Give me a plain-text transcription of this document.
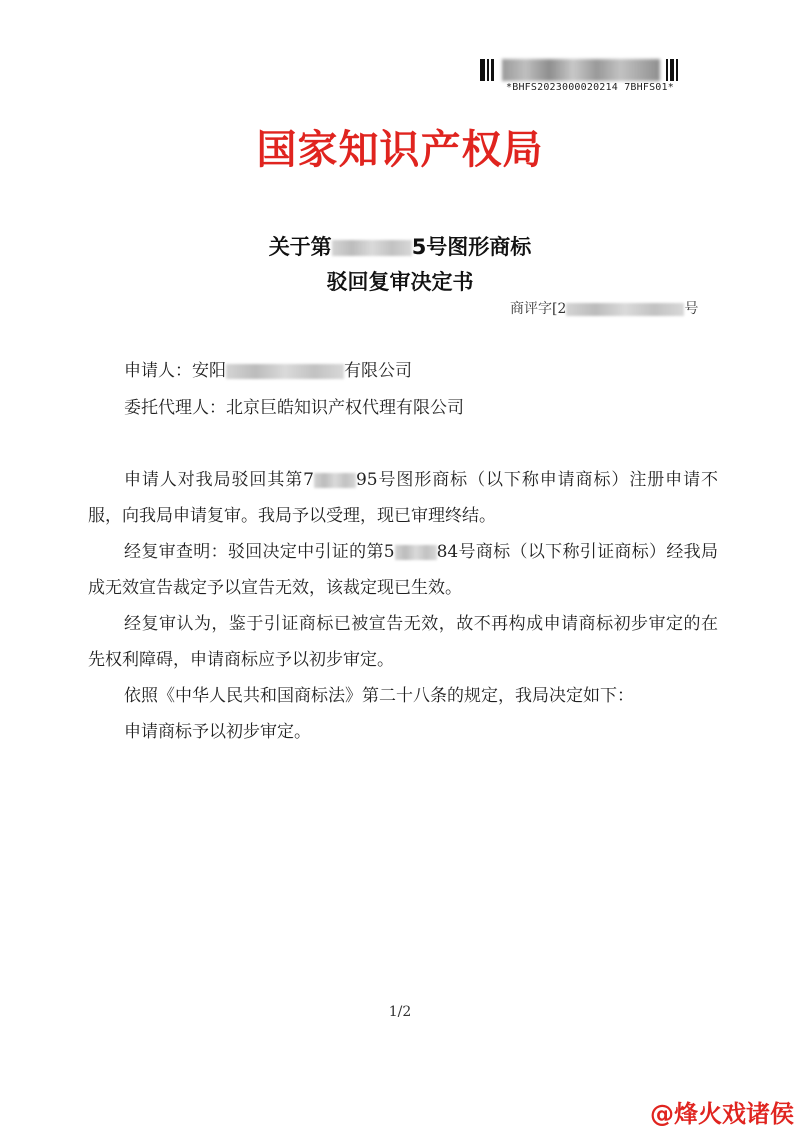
*BHFS2023000020214 7BHFS01*
国家知识产权局
关于第	5号图形商标
驳回复审决定书
商评字[2	号
申请人：安阳	有限公司
委托代理人：北京巨皓知识产权代理有限公司
申请人对我局驳回其第7 95号图形商标（以下称申请商标）注册申请不服，向我局申请复审。我局予以受理，现已审理终结。
经复审查明：驳回决定中引证的第5 84号商标（以下称引证商标）经我局成无效宣告裁定予以宣告无效，该裁定现已生效。
经复审认为，鉴于引证商标已被宣告无效，故不再构成申请商标初步审定的在先权利障碍，申请商标应予以初步审定。
依照《中华人民共和国商标法》第二十八条的规定，我局决定如下：
申请商标予以初步审定。
1/2
@烽火戏诸侯
